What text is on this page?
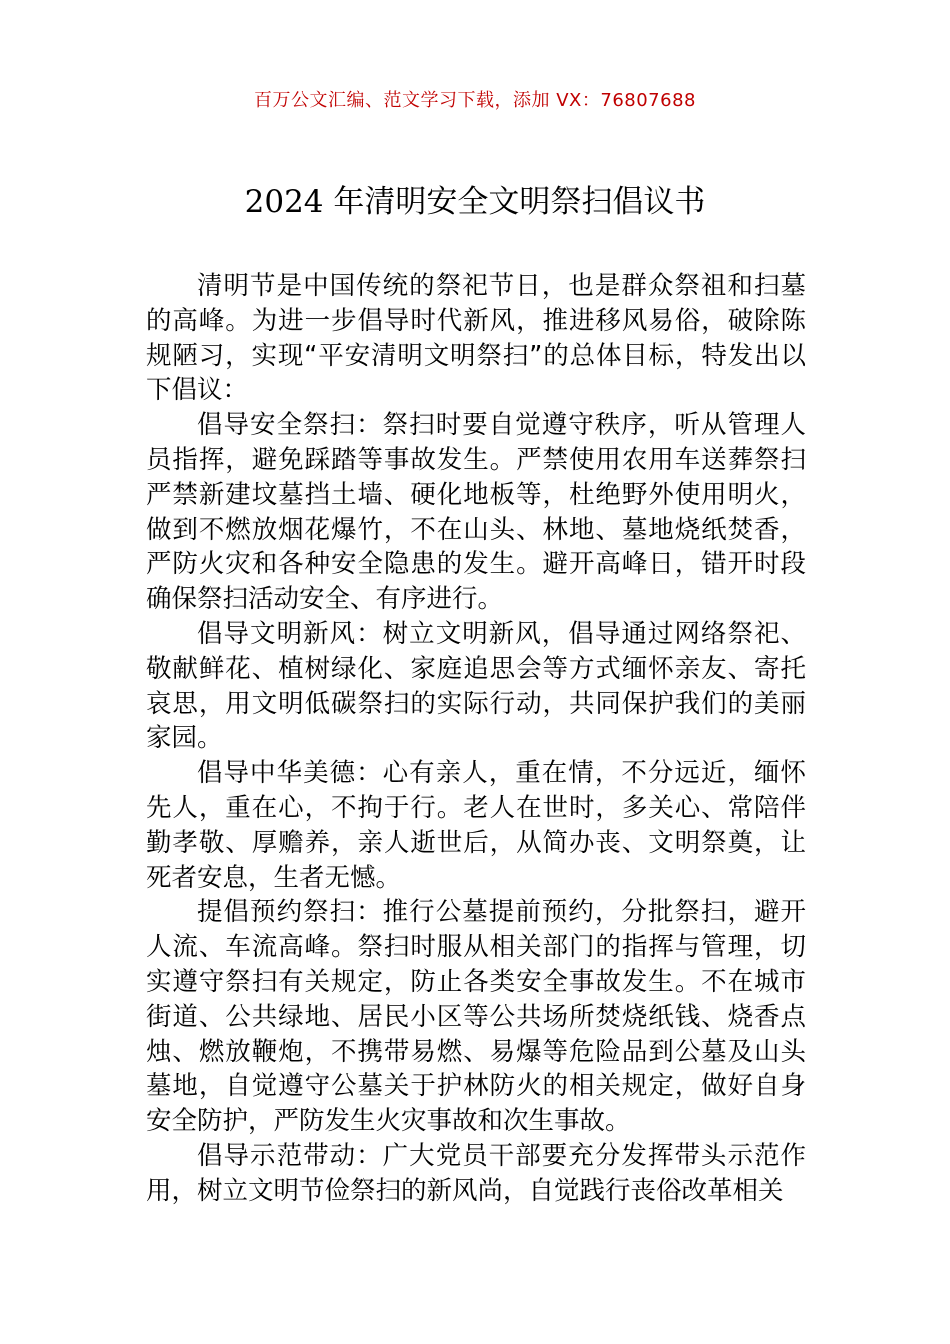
百万公文汇编、范文学习下载，添加 VX：76807688
2024 年清明安全文明祭扫倡议书

清明节是中国传统的祭祀节日，也是群众祭祖和扫墓的高峰。为进一步倡导时代新风，推进移风易俗，破除陈规陋习，实现“平安清明文明祭扫”的总体目标，特发出以下倡议：

倡导安全祭扫：祭扫时要自觉遵守秩序，听从管理人员指挥，避免踩踏等事故发生。严禁使用农用车送葬祭扫严禁新建坟墓挡土墙、硬化地板等，杜绝野外使用明火，做到不燃放烟花爆竹，不在山头、林地、墓地烧纸焚香，严防火灾和各种安全隐患的发生。避开高峰日，错开时段确保祭扫活动安全、有序进行。

倡导文明新风：树立文明新风，倡导通过网络祭祀、敬献鲜花、植树绿化、家庭追思会等方式缅怀亲友、寄托哀思，用文明低碳祭扫的实际行动，共同保护我们的美丽家园。

倡导中华美德：心有亲人，重在情，不分远近，缅怀先人，重在心，不拘于行。老人在世时，多关心、常陪伴勤孝敬、厚赡养，亲人逝世后，从简办丧、文明祭奠，让死者安息，生者无憾。

提倡预约祭扫：推行公墓提前预约，分批祭扫，避开人流、车流高峰。祭扫时服从相关部门的指挥与管理，切实遵守祭扫有关规定，防止各类安全事故发生。不在城市街道、公共绿地、居民小区等公共场所焚烧纸钱、烧香点烛、燃放鞭炮，不携带易燃、易爆等危险品到公墓及山头墓地，自觉遵守公墓关于护林防火的相关规定，做好自身安全防护，严防发生火灾事故和次生事故。

倡导示范带动：广大党员干部要充分发挥带头示范作用，树立文明节俭祭扫的新风尚，自觉践行丧俗改革相关
